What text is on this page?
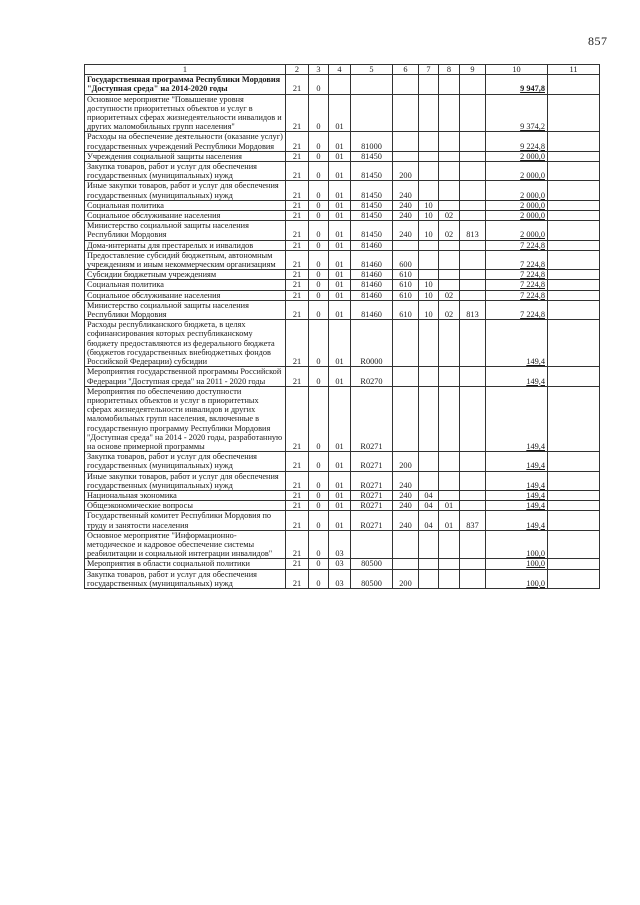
857
1	2	3	4	5	6	7	8	9	10	11
Государственная программа Республики Мордовия "Доступная среда" на 2014-2020 годы	21	0							9 947,8	
Основное мероприятие "Повышение уровня доступности приоритетных объектов и услуг в приоритетных сферах жизнедеятельности инвалидов и других маломобильных групп населения"	21	0	01						9 374,2	
Расходы на обеспечение деятельности (оказание услуг) государственных учреждений Республики Мордовия	21	0	01	81000					9 224,8	
Учреждения социальной защиты населения	21	0	01	81450					2 000,0	
Закупка товаров, работ и услуг для обеспечения государственных (муниципальных) нужд	21	0	01	81450	200				2 000,0	
Иные закупки товаров, работ и услуг для обеспечения государственных (муниципальных) нужд	21	0	01	81450	240				2 000,0	
Социальная политика	21	0	01	81450	240	10			2 000,0	
Социальное обслуживание населения	21	0	01	81450	240	10	02		2 000,0	
Министерство социальной защиты населения Республики Мордовия	21	0	01	81450	240	10	02	813	2 000,0	
Дома-интернаты для престарелых и инвалидов	21	0	01	81460					7 224,8	
Предоставление субсидий бюджетным, автономным учреждениям и иным некоммерческим организациям	21	0	01	81460	600				7 224,8	
Субсидии бюджетным учреждениям	21	0	01	81460	610				7 224,8	
Социальная политика	21	0	01	81460	610	10			7 224,8	
Социальное обслуживание населения	21	0	01	81460	610	10	02		7 224,8	
Министерство социальной защиты населения Республики Мордовия	21	0	01	81460	610	10	02	813	7 224,8	
Расходы республиканского бюджета, в целях софинансирования которых республиканскому бюджету предоставляются из федерального бюджета (бюджетов государственных внебюджетных фондов Российской Федерации) субсидии	21	0	01	R0000					149,4	
Мероприятия государственной программы Российской Федерации "Доступная среда" на 2011 - 2020 годы	21	0	01	R0270					149,4	
Мероприятия по обеспечению доступности приоритетных объектов и услуг в приоритетных сферах жизнедеятельности инвалидов и других маломобильных групп населения, включенные в государственную программу Республики Мордовия "Доступная среда" на 2014 - 2020 годы, разработанную на основе примерной программы	21	0	01	R0271					149,4	
Закупка товаров, работ и услуг для обеспечения государственных (муниципальных) нужд	21	0	01	R0271	200				149,4	
Иные закупки товаров, работ и услуг для обеспечения государственных (муниципальных) нужд	21	0	01	R0271	240				149,4	
Национальная экономика	21	0	01	R0271	240	04			149,4	
Общеэкономические вопросы	21	0	01	R0271	240	04	01		149,4	
Государственный комитет Республики Мордовия по труду и занятости населения	21	0	01	R0271	240	04	01	837	149,4	
Основное мероприятие "Информационно-методическое и кадровое обеспечение системы реабилитации и социальной интеграции инвалидов"	21	0	03						100,0	
Мероприятия в области социальной политики	21	0	03	80500					100,0	
Закупка товаров, работ и услуг для обеспечения государственных (муниципальных) нужд	21	0	03	80500	200				100,0	
